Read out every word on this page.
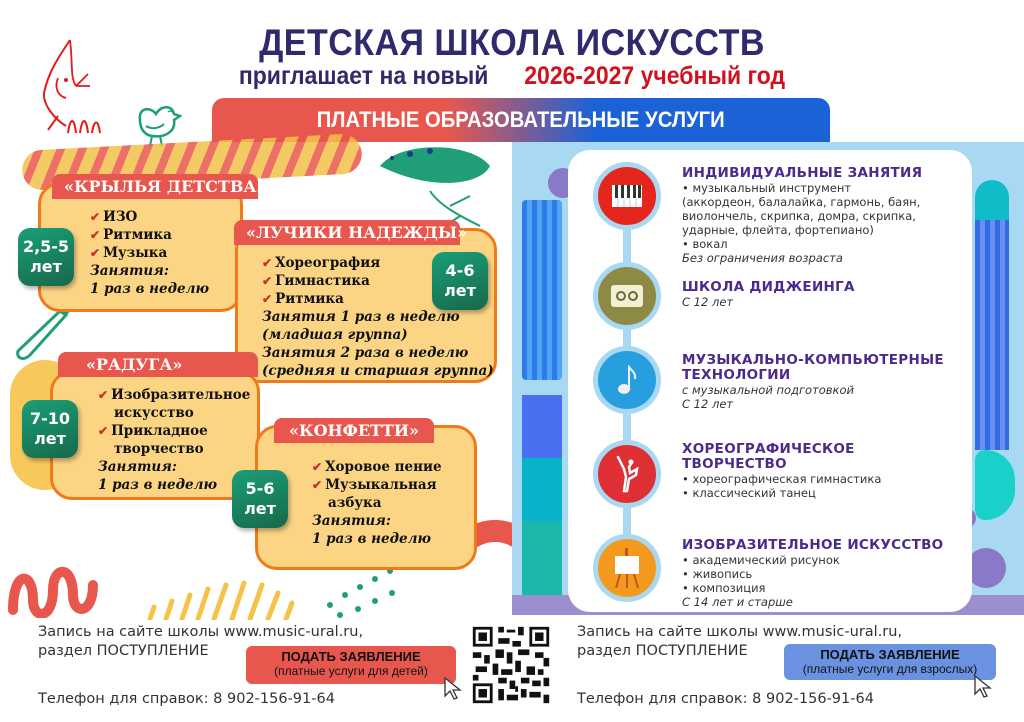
ДЕТСКАЯ ШКОЛА ИСКУССТВ
приглашает на новый 2026-2027 учебный год
ПЛАТНЫЕ ОБРАЗОВАТЕЛЬНЫЕ УСЛУГИ
«КРЫЛЬЯ ДЕТСТВА»
2,5-5
лет
✔ ИЗО
✔ Ритмика
✔ Музыка
Занятия:
1 раз в неделю
«ЛУЧИКИ НАДЕЖДЫ»
4-6
лет
✔ Хореография
✔ Гимнастика
✔ Ритмика
Занятия 1 раз в неделю
(младшая группа)
Занятия 2 раза в неделю
(средняя и старшая группа)
«РАДУГА»
7-10
лет
✔ Изобразительное
искусство
✔ Прикладное
творчество
Занятия:
1 раз в неделю
«КОНФЕТТИ»
5-6
лет
✔ Хоровое пение
✔ Музыкальная
азбука
Занятия:
1 раз в неделю
ИНДИВИДУАЛЬНЫЕ ЗАНЯТИЯ
• музыкальный инструмент
(аккордеон, балалайка, гармонь, баян,
виолончель, скрипка, домра, скрипка,
ударные, флейта, фортепиано)
• вокал
Без ограничения возраста
ШКОЛА ДИДЖЕИНГА
С 12 лет
МУЗЫКАЛЬНО-КОМПЬЮТЕРНЫЕ
ТЕХНОЛОГИИ
с музыкальной подготовкой
С 12 лет
ХОРЕОГРАФИЧЕСКОЕ
ТВОРЧЕСТВО
• хореографическая гимнастика
• классический танец
ИЗОБРАЗИТЕЛЬНОЕ ИСКУССТВО
• академический рисунок
• живопись
• композиция
С 14 лет и старше
Запись на сайте школы www.music-ural.ru,
раздел ПОСТУПЛЕНИЕ	ПОДАТЬ ЗАЯВЛЕНИЕ
(платные услуги для детей)
Телефон для справок: 8 902-156-91-64
Запись на сайте школы www.music-ural.ru,
раздел ПОСТУПЛЕНИЕ	ПОДАТЬ ЗАЯВЛЕНИЕ
(платные услуги для взрослых)
Телефон для справок: 8 902-156-91-64
